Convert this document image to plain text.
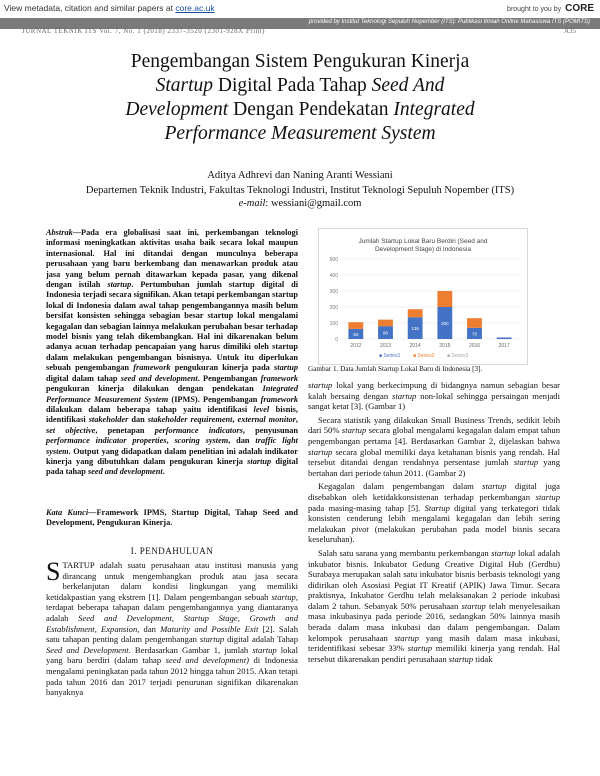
View metadata, citation and similar papers at core.ac.uk	brought to you by CORE
provided by Institut Teknologi Sepuluh Nopember (ITS): Publikasi Ilmiah Online Mahasiswa ITS (POMITS)
JURNAL TEKNIK ITS Vol. 7, No. 1 (2018) 2337-3520 (2301-928X Print)	A35
Pengembangan Sistem Pengukuran Kinerja
Startup Digital Pada Tahap Seed And
Development Dengan Pendekatan Integrated
Performance Measurement System
Aditya Adhrevi dan Naning Aranti Wessiani
Departemen Teknik Industri, Fakultas Teknologi Industri, Institut Teknologi Sepuluh Nopember (ITS)
e-mail: wessiani@gmail.com
Abstrak—Pada era globalisasi saat ini, perkembangan teknologi informasi meningkatkan aktivitas usaha baik secara lokal maupun internasional. Hal ini ditandai dengan munculnya beberapa perusahaan yang baru berkembang dan menawarkan produk atau jasa yang belum pernah ditawarkan kepada pasar, yang dikenal dengan istilah startup. Pertumbuhan jumlah startup digital di Indonesia terjadi secara signifikan. Akan tetapi perkembangan startup lokal di Indonesia dalam awal tahap pengembangannya masih belum bersifat konsisten sehingga sebagian besar startup lokal mengalami kegagalan dan sebagian lainnya melakukan perubahan besar terhadap model bisnis yang telah dikembangkan. Hal ini dikarenakan belum adanya acuan terhadap pencapaian yang harus dimiliki oleh startup dalam melakukan pengembangan bisnisnya. Untuk itu diperlukan sebuah pengembangan framework pengukuran kinerja pada startup digital dalam tahap seed and development. Pengembangan framework pengukuran kinerja dilakukan dengan pendekatan Integrated Performance Measurement System (IPMS). Pengembangan framework dilakukan dalam beberapa tahap yaitu identifikasi level bisnis, identifikasi stakeholder dan stakeholder requirement, external monitor, set objective, penetapan performance indicators, penyusunan performance indicator properties, scoring system, dan traffic light system. Output yang didapatkan dalam penelitian ini adalah indikator kinerja yang dibutuhkan dalam pengukuran kinerja startup digital pada tahap seed and development.
Kata Kunci—Framework IPMS, Startup Digital, Tahap Seed and Development, Pengukuran Kinerja.
I. PENDAHULUAN
STARTUP adalah suatu perusahaan atau institusi manusia yang dirancang untuk mengembangkan produk atau jasa secara berkelanjutan dalam kondisi lingkungan yang memiliki ketidakpastian yang ekstrem [1]. Dalam pengembangan sebuah startup, terdapat beberapa tahapan dalam pengembangannya yang diantaranya adalah Seed and Development, Startup Stage, Growth and Establishment, Expansion, dan Maturity and Possible Exit [2]. Salah satu tahapan penting dalam pengembangan startup digital adalah Tahap Seed and Development. Berdasarkan Gambar 1, jumlah startup lokal yang baru berdiri (dalam tahap seed and development) di Indonesia mengalami peningkatan pada tahun 2012 hingga tahun 2015. Akan tetapi pada tahun 2016 dan 2017 terjadi penurunan signifikan dikarenakan banyaknya
Jumlah Startup Lokal Baru Berdiri (Seed and
Development Stage) di Indonesia
500
400
300
200
100
0
63
2012
80
2013
136
2014
200
2015
70
2016	2017
■ Series1	■ Series2	■ Series3
Gambar 1. Data Jumlah Startup Lokal Baru di Indonesia [3].

startup lokal yang berkecimpung di bidangnya namun sebagian besar kalah bersaing dengan startup non-lokal sehingga persaingan menjadi sangat ketat [3]. (Gambar 1)

Secara statistik yang dilakukan Small Business Trends, sedikit lebih dari 50% startup secara global mengalami kegagalan dalam empat tahun pengembangan pertama [4]. Berdasarkan Gambar 2, dijelaskan bahwa startup secara global memiliki daya ketahanan bisnis yang rendah. Hal tersebut ditandai dengan rendahnya persentase jumlah startup yang bertahan dari periode tahun 2011. (Gambar 2)

Kegagalan dalam pengembangan dalam startup digital juga disebabkan oleh ketidakkonsistenan terhadap perkembangan startup pada masing-masing tahap [5]. Startup digital yang terkategori tidak konsisten cenderung lebih mengalami kegagalan dan lebih sering melakukan pivot (melakukan perubahan pada model bisnis secara keseluruhan).

Salah satu sarana yang membantu perkembangan startup lokal adalah inkubator bisnis. Inkubator Gedung Creative Digital Hub (Gerdhu) Surabaya merupakan salah satu inkubator bisnis berbasis teknologi yang didirikan oleh Asosiasi Pegiat IT Kreatif (APIK) Jawa Timur. Secara praktisnya, Inkubator Gerdhu telah melaksanakan 2 periode inkubasi dalam 2 tahun. Sebanyak 50% perusahaan startup telah menyelesaikan masa inkubasinya pada periode 2016, sedangkan 50% lainnya masih berada dalam masa inkubasi dan dalam pengembangan. Dalam kelompok perusahaan startup yang masih dalam masa inkubasi, teridentifikasi sebesar 33% startup memiliki kinerja yang rendah. Hal tersebut dikarenakan pendiri perusahaan startup tidak
